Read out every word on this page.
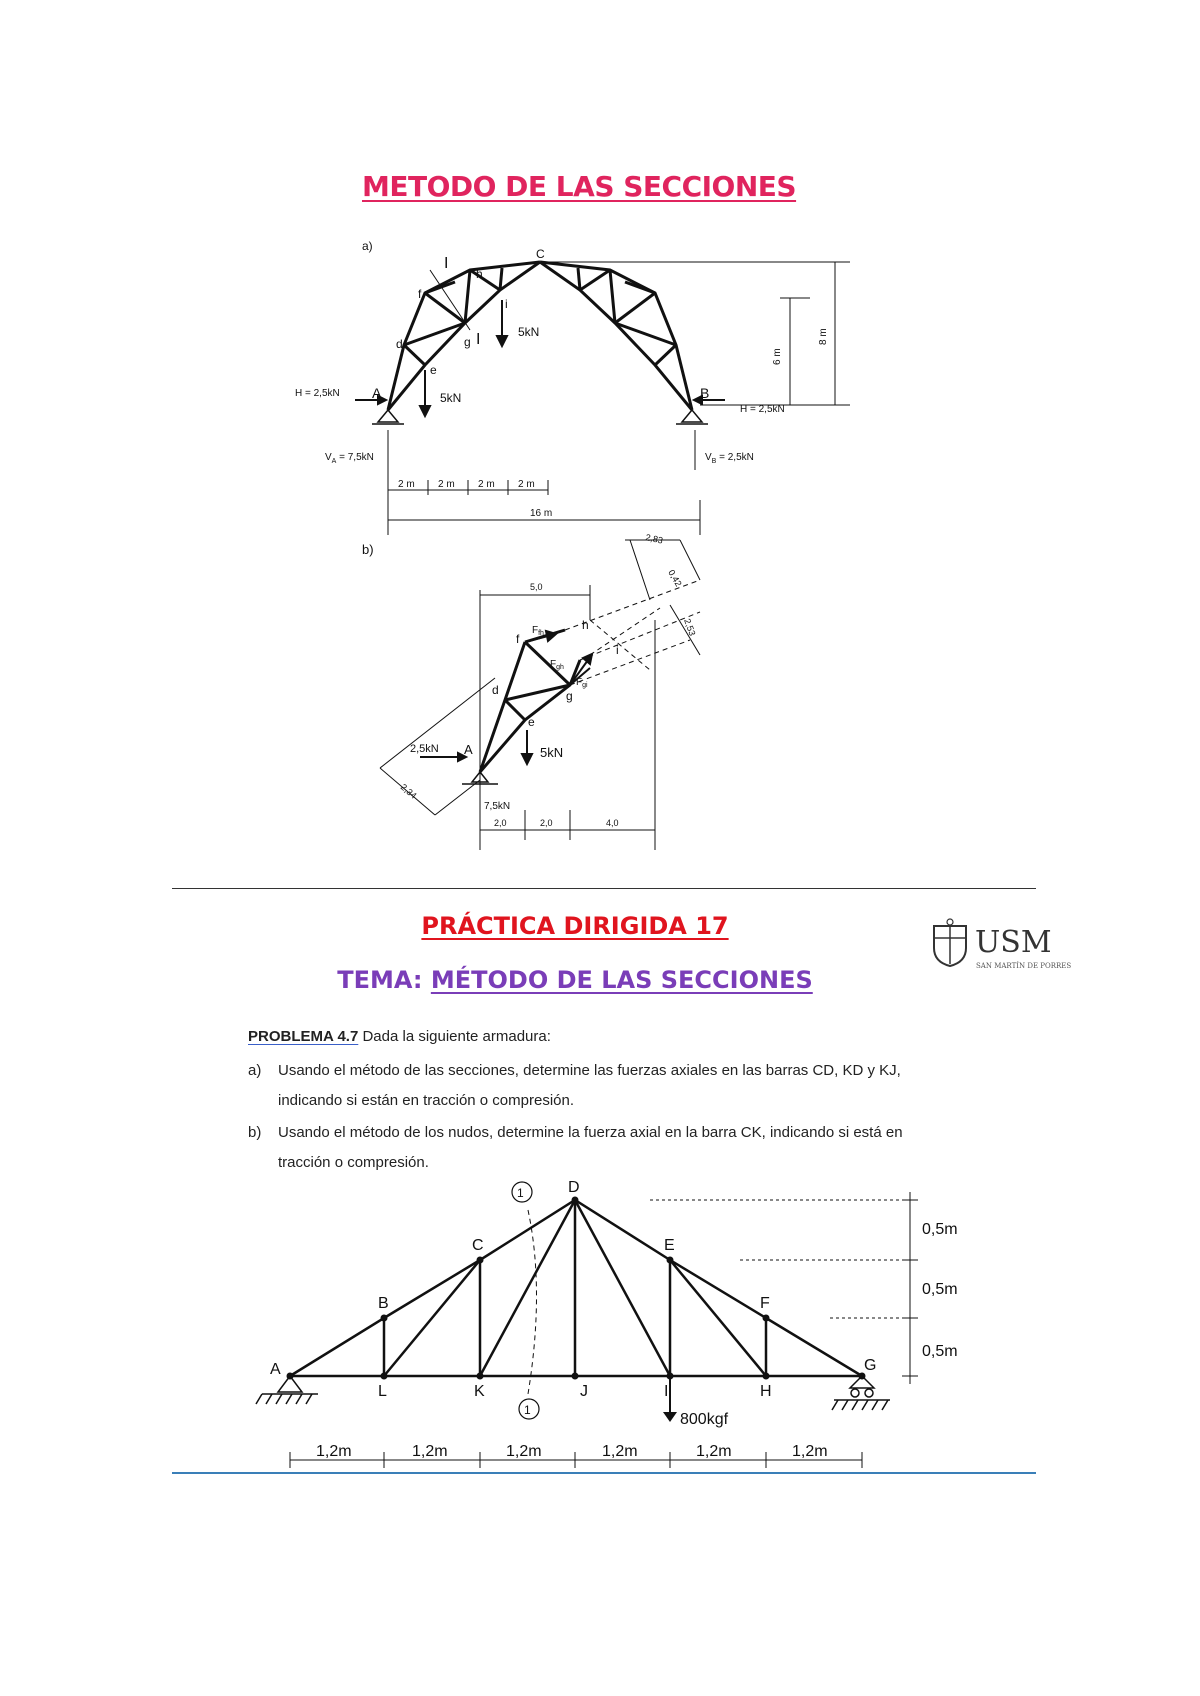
METODO DE LAS SECCIONES
a)
C
h
f
d
i
g
e
A	B
I
I	5kN
5kN
H = 2,5kN
H = 2,5kN
$V_A = 7,5kN$	$V_B = 2,5kN$
6 m
8 m
2 m 2 m 2 m 2 m
16 m
b)
5,0
2,83
0,42
2,53
2,34
f
h
i
d	g
e
A
$F_{fh}$
$F_{gh}$
$F_{gi}$
2,5kN	5kN
7,5kN
2,0	2,0	4,0
PRÁCTICA DIRIGIDA 17
TEMA: MÉTODO DE LAS SECCIONES
USM
SAN MARTÍN DE PORRES
PROBLEMA 4.7 Dada la siguiente armadura:
a) Usando el método de las secciones, determine las fuerzas axiales en las barras CD, KD y KJ,
indicando si están en tracción o compresión.
b) Usando el método de los nudos, determine la fuerza axial en la barra CK, indicando si está en
tracción o compresión.
A
B
C
D
E
F
G
H
I
J
K
L
1
1
800kgf
0,5m
0,5m
0,5m
1,2m	1,2m	1,2m	1,2m	1,2m	1,2m
